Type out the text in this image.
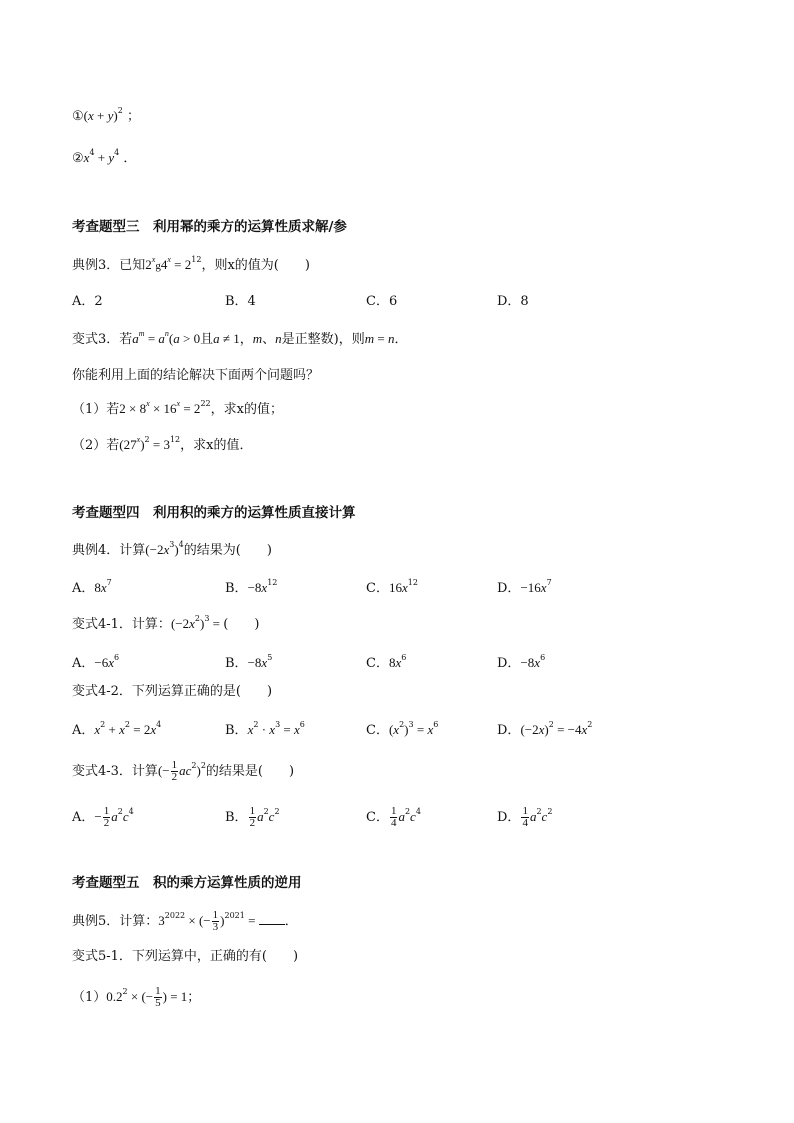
①(x + y)$^2$ ；
$②x^4 + y^4$ ．
考查题型三　利用幂的乘方的运算性质求解/参
典例3．已知$2^xg4^x = 2^{12}$，则x的值为(　　)
A．2	B．4	C．6	D．8
变式3．若$a^m = a^n(a > 0$且a ≠ 1，m、n是正整数)，则m = n．
你能利用上面的结论解决下面两个问题吗？
（1）若$2 \times 8^x \times 16^x = 2^{22}$，求x的值；
（2）若$(27^x)^2 = 3^{12}$，求x的值．
考查题型四　利用积的乘方的运算性质直接计算
典例4．计算$(-2x^3)^4$的结果为(　　)
A．$8x^7$	B．$-8x^{12}$	C．$16x^{12}$	D．$-16x^7$
变式4-1．计算：$(-2x^2)^3$ = (　　)
A．$-6x^6$	B．$-8x^5$	C．$8x^6$	D．$-8x^6$
变式4-2．下列运算正确的是(　　)
A．$x^2 + x^2 = 2x^4$	B．$x^2 \cdot x^3 = x^6$	C．$(x^2)^3 = x^6$	D．$(-2x)^2 = -4x^2$
变式4-3．计算(− $\frac{1}{2} ac^2)^2$的结果是(　　)
A．− $\frac{1}{2} a^2c^4$	B． $\frac{1}{2} a^2c^2$	C． $\frac{1}{4} a^2c^4$	D． $\frac{1}{4} a^2c^2$
考查题型五　积的乘方运算性质的逆用
典例5．计算：$3^{2022}$ × (− $\frac{1}{3} )^{2021}$ = ．
变式5-1．下列运算中，正确的有(　　)
$(1)0.2^2$ × (− $\frac{1}{5}$ ) = 1；
